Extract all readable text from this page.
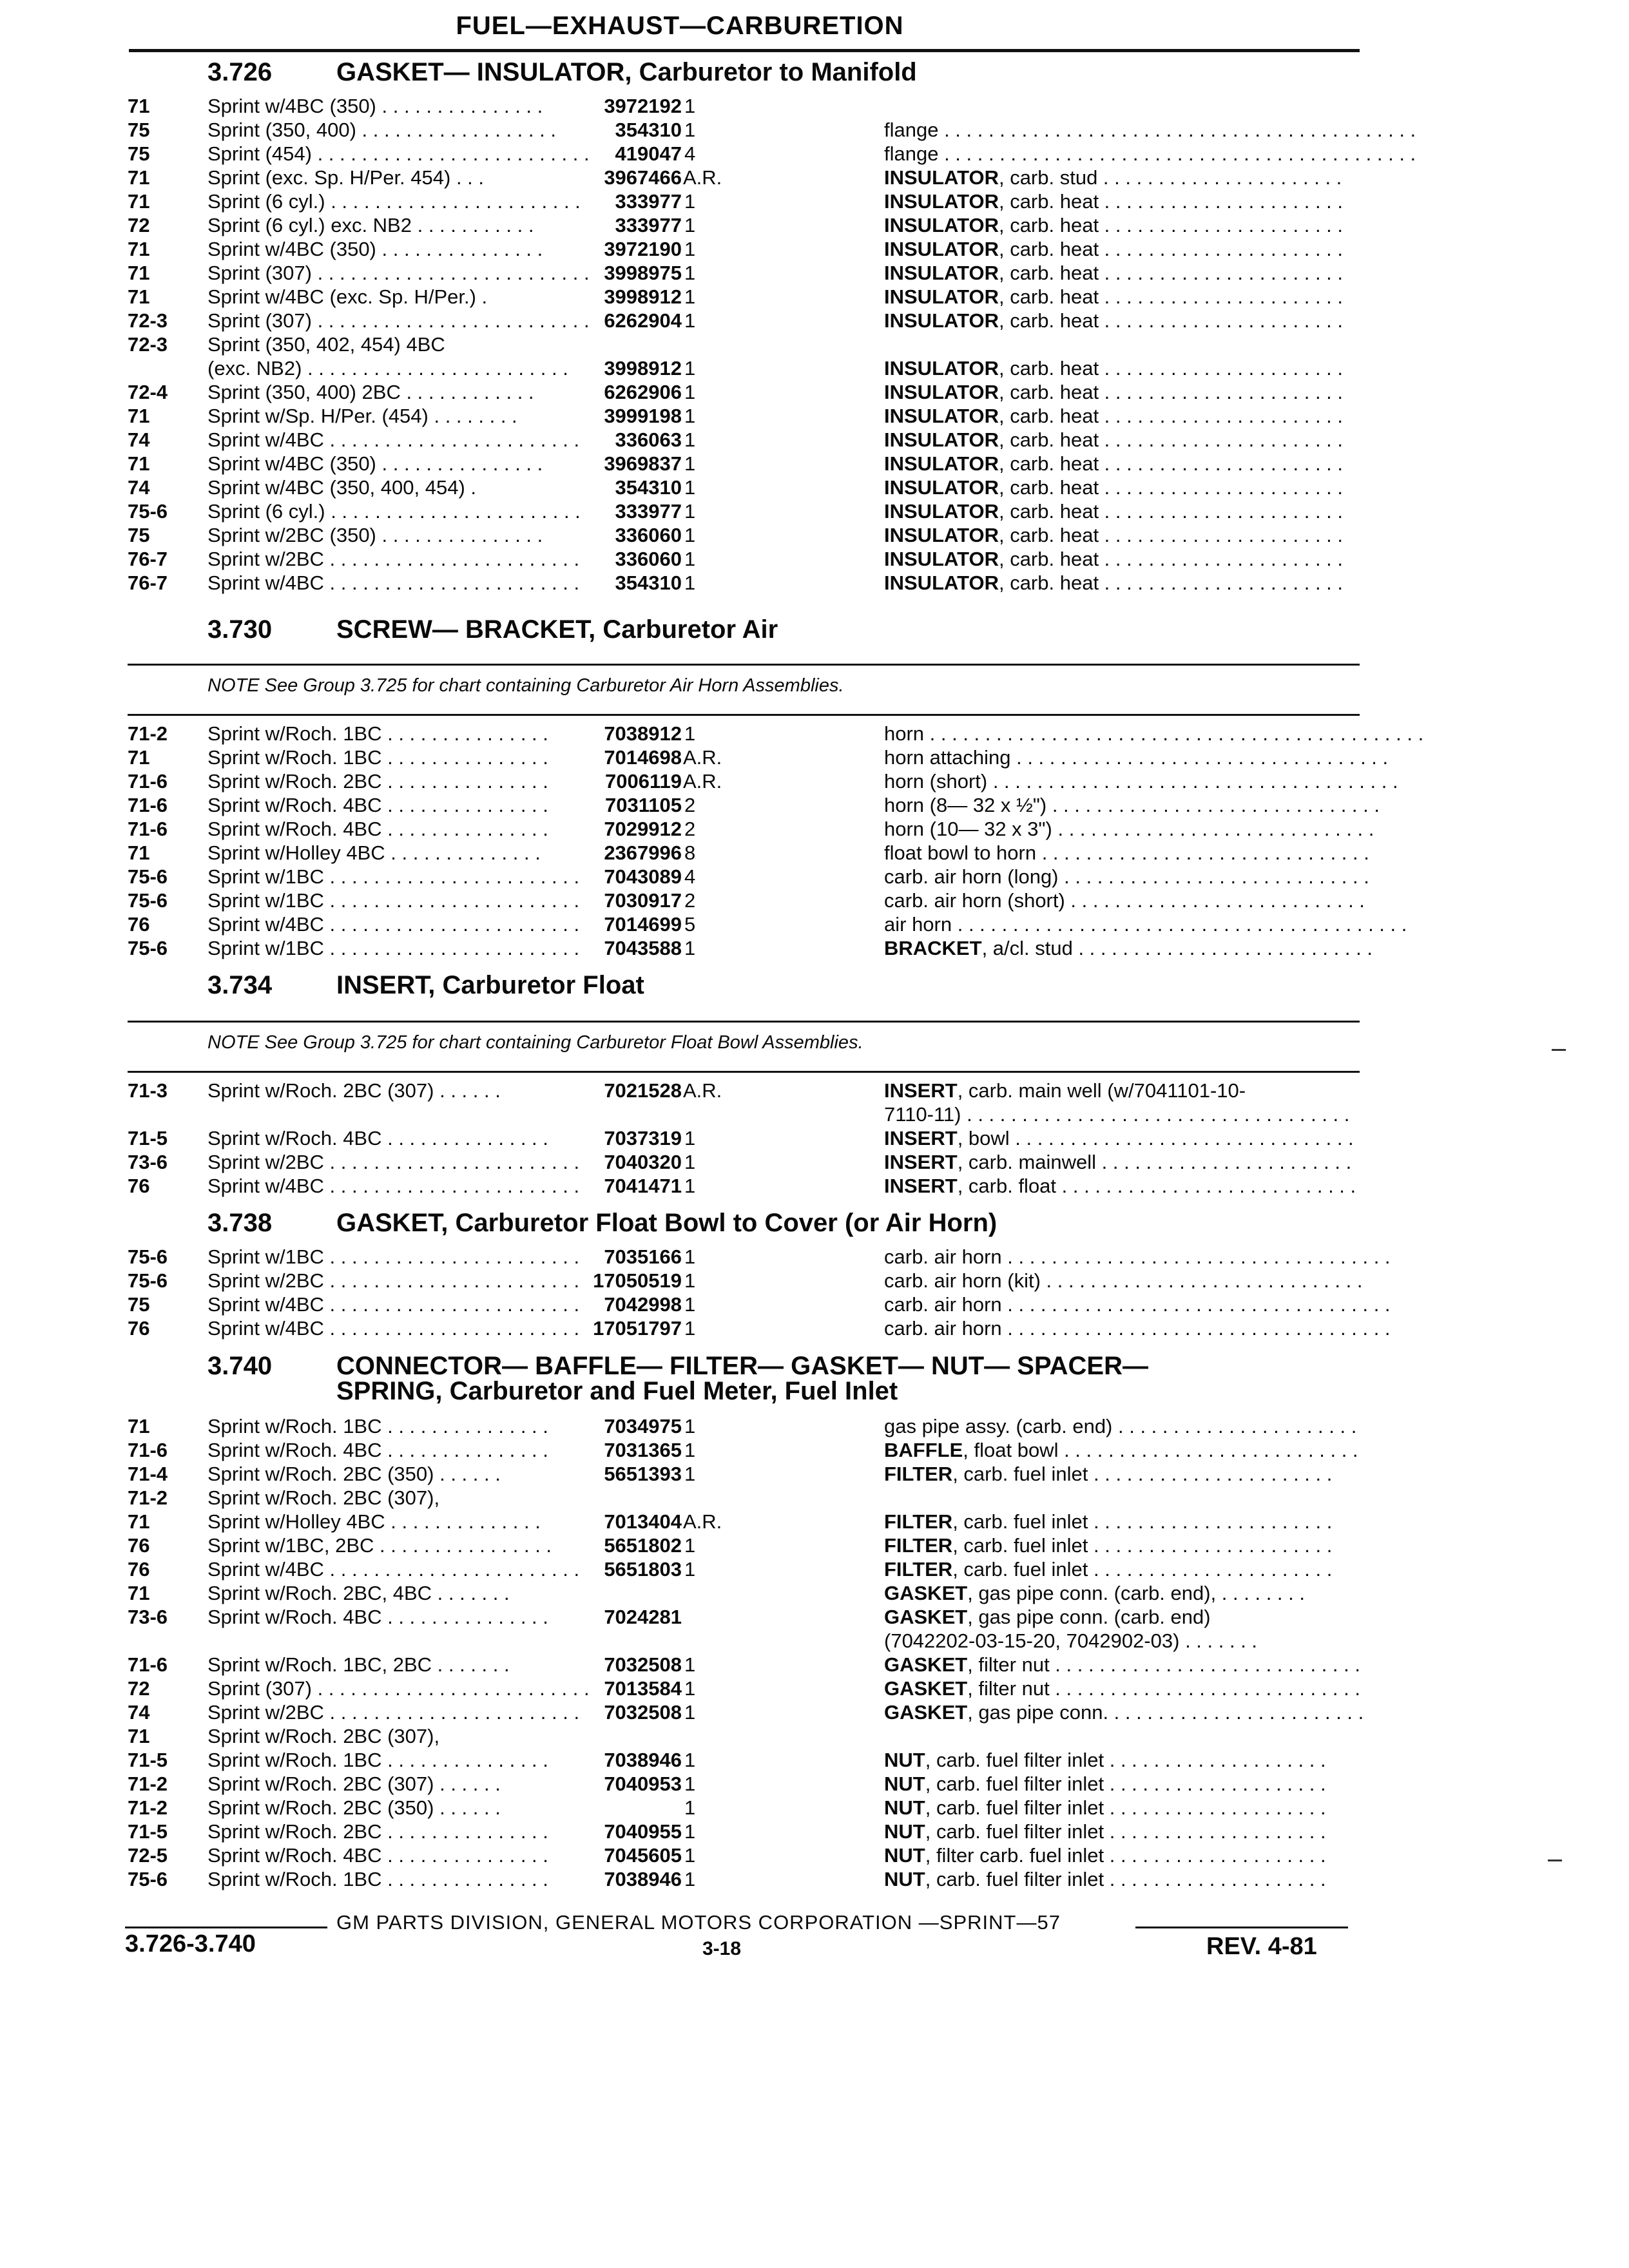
FUEL—EXHAUST—CARBURETION
3.726 GASKET— INSULATOR, Carburetor to Manifold
3.730 SCREW— BRACKET, Carburetor Air
NOTE See Group 3.725 for chart containing Carburetor Air Horn Assemblies.
3.734 INSERT, Carburetor Float
NOTE See Group 3.725 for chart containing Carburetor Float Bowl Assemblies.
3.738 GASKET, Carburetor Float Bowl to Cover (or Air Horn)
3.740 CONNECTOR— BAFFLE— FILTER— GASKET— NUT— SPACER—
SPRING, Carburetor and Fuel Meter, Fuel Inlet
71	Sprint w/4BC (350) . . . . . . . . . . . . . . .	3972192 1
75	Sprint (350, 400) . . . . . . . . . . . . . . . . . .	354310 1	flange . . . . . . . . . . . . . . . . . . . . . . . . . . . . . . . . . . . . . . . . . . .
75	Sprint (454) . . . . . . . . . . . . . . . . . . . . . . . . .	419047 4	flange . . . . . . . . . . . . . . . . . . . . . . . . . . . . . . . . . . . . . . . . . . .
71	Sprint (exc. Sp. H/Per. 454) . . .	3967466 A.R.	INSULATOR, carb. stud . . . . . . . . . . . . . . . . . . . . . .
71	Sprint (6 cyl.) . . . . . . . . . . . . . . . . . . . . . . .	333977 1	INSULATOR, carb. heat . . . . . . . . . . . . . . . . . . . . . .
72	Sprint (6 cyl.) exc. NB2 . . . . . . . . . . .	333977 1	INSULATOR, carb. heat . . . . . . . . . . . . . . . . . . . . . .
71	Sprint w/4BC (350) . . . . . . . . . . . . . . .	3972190 1	INSULATOR, carb. heat . . . . . . . . . . . . . . . . . . . . . .
71	Sprint (307) . . . . . . . . . . . . . . . . . . . . . . . . . 3998975 1	INSULATOR, carb. heat . . . . . . . . . . . . . . . . . . . . . .
71	Sprint w/4BC (exc. Sp. H/Per.) .	3998912 1	INSULATOR, carb. heat . . . . . . . . . . . . . . . . . . . . . .
72-3 Sprint (307) . . . . . . . . . . . . . . . . . . . . . . . . . 6262904 1	INSULATOR, carb. heat . . . . . . . . . . . . . . . . . . . . . .
72-3 Sprint (350, 402, 454) 4BC
(exc. NB2) . . . . . . . . . . . . . . . . . . . . . . . .	3998912 1	INSULATOR, carb. heat . . . . . . . . . . . . . . . . . . . . . .
72-4 Sprint (350, 400) 2BC . . . . . . . . . . . .	6262906 1	INSULATOR, carb. heat . . . . . . . . . . . . . . . . . . . . . .
71	Sprint w/Sp. H/Per. (454) . . . . . . . .	3999198 1	INSULATOR, carb. heat . . . . . . . . . . . . . . . . . . . . . .
74	Sprint w/4BC . . . . . . . . . . . . . . . . . . . . . . .	336063 1	INSULATOR, carb. heat . . . . . . . . . . . . . . . . . . . . . .
71	Sprint w/4BC (350) . . . . . . . . . . . . . . .	3969837 1	INSULATOR, carb. heat . . . . . . . . . . . . . . . . . . . . . .
74	Sprint w/4BC (350, 400, 454) .	354310 1	INSULATOR, carb. heat . . . . . . . . . . . . . . . . . . . . . .
75-6 Sprint (6 cyl.) . . . . . . . . . . . . . . . . . . . . . . .	333977 1	INSULATOR, carb. heat . . . . . . . . . . . . . . . . . . . . . .
75	Sprint w/2BC (350) . . . . . . . . . . . . . . .	336060 1	INSULATOR, carb. heat . . . . . . . . . . . . . . . . . . . . . .
76-7 Sprint w/2BC . . . . . . . . . . . . . . . . . . . . . . .	336060 1	INSULATOR, carb. heat . . . . . . . . . . . . . . . . . . . . . .
76-7 Sprint w/4BC . . . . . . . . . . . . . . . . . . . . . . .	354310 1	INSULATOR, carb. heat . . . . . . . . . . . . . . . . . . . . . .
71-2 Sprint w/Roch. 1BC . . . . . . . . . . . . . . .	7038912 1	horn . . . . . . . . . . . . . . . . . . . . . . . . . . . . . . . . . . . . . . . . . . . . .
71	Sprint w/Roch. 1BC . . . . . . . . . . . . . . .	7014698 A.R.	horn attaching . . . . . . . . . . . . . . . . . . . . . . . . . . . . . . . . . .
71-6 Sprint w/Roch. 2BC . . . . . . . . . . . . . . .	7006119 A.R.	horn (short) . . . . . . . . . . . . . . . . . . . . . . . . . . . . . . . . . . . . .
71-6 Sprint w/Roch. 4BC . . . . . . . . . . . . . . .	7031105 2	horn (8— 32 x ½") . . . . . . . . . . . . . . . . . . . . . . . . . . . . . .
71-6 Sprint w/Roch. 4BC . . . . . . . . . . . . . . .	7029912 2	horn (10— 32 x 3") . . . . . . . . . . . . . . . . . . . . . . . . . . . . .
71	Sprint w/Holley 4BC . . . . . . . . . . . . . .	2367996 8	float bowl to horn . . . . . . . . . . . . . . . . . . . . . . . . . . . . . .
75-6 Sprint w/1BC . . . . . . . . . . . . . . . . . . . . . . .	7043089 4	carb. air horn (long) . . . . . . . . . . . . . . . . . . . . . . . . . . . .
75-6 Sprint w/1BC . . . . . . . . . . . . . . . . . . . . . . .	7030917 2	carb. air horn (short) . . . . . . . . . . . . . . . . . . . . . . . . . . .
76	Sprint w/4BC . . . . . . . . . . . . . . . . . . . . . . .	7014699 5	air horn . . . . . . . . . . . . . . . . . . . . . . . . . . . . . . . . . . . . . . . . .
75-6 Sprint w/1BC . . . . . . . . . . . . . . . . . . . . . . .	7043588 1	BRACKET, a/cl. stud . . . . . . . . . . . . . . . . . . . . . . . . . . .
71-3 Sprint w/Roch. 2BC (307) . . . . . .	7021528 A.R.	INSERT, carb. main well (w/7041101-10-
7110-11) . . . . . . . . . . . . . . . . . . . . . . . . . . . . . . . . . . .
71-5 Sprint w/Roch. 4BC . . . . . . . . . . . . . . .	7037319 1	INSERT, bowl . . . . . . . . . . . . . . . . . . . . . . . . . . . . . . .
73-6 Sprint w/2BC . . . . . . . . . . . . . . . . . . . . . . .	7040320 1	INSERT, carb. mainwell . . . . . . . . . . . . . . . . . . . . . . .
76	Sprint w/4BC . . . . . . . . . . . . . . . . . . . . . . .	7041471 1	INSERT, carb. float . . . . . . . . . . . . . . . . . . . . . . . . . . .
75-6 Sprint w/1BC . . . . . . . . . . . . . . . . . . . . . . .	7035166 1	carb. air horn . . . . . . . . . . . . . . . . . . . . . . . . . . . . . . . . . . .
75-6 Sprint w/2BC . . . . . . . . . . . . . . . . . . . . . . . 17050519 1	carb. air horn (kit) . . . . . . . . . . . . . . . . . . . . . . . . . . . . .
75	Sprint w/4BC . . . . . . . . . . . . . . . . . . . . . . .	7042998 1	carb. air horn . . . . . . . . . . . . . . . . . . . . . . . . . . . . . . . . . . .
76	Sprint w/4BC . . . . . . . . . . . . . . . . . . . . . . . 17051797 1	carb. air horn . . . . . . . . . . . . . . . . . . . . . . . . . . . . . . . . . . .
71	Sprint w/Roch. 1BC . . . . . . . . . . . . . . .	7034975 1	gas pipe assy. (carb. end) . . . . . . . . . . . . . . . . . . . . . .
71-6 Sprint w/Roch. 4BC . . . . . . . . . . . . . . .	7031365 1	BAFFLE, float bowl . . . . . . . . . . . . . . . . . . . . . . . . . . .
71-4 Sprint w/Roch. 2BC (350) . . . . . .	5651393 1	FILTER, carb. fuel inlet . . . . . . . . . . . . . . . . . . . . . .
71-2 Sprint w/Roch. 2BC (307),
71	Sprint w/Holley 4BC . . . . . . . . . . . . . .	7013404 A.R.	FILTER, carb. fuel inlet . . . . . . . . . . . . . . . . . . . . . .
76	Sprint w/1BC, 2BC . . . . . . . . . . . . . . . .	5651802 1	FILTER, carb. fuel inlet . . . . . . . . . . . . . . . . . . . . . .
76	Sprint w/4BC . . . . . . . . . . . . . . . . . . . . . . .	5651803 1	FILTER, carb. fuel inlet . . . . . . . . . . . . . . . . . . . . . .
71	Sprint w/Roch. 2BC, 4BC . . . . . . .	GASKET, gas pipe conn. (carb. end), . . . . . . . .
73-6 Sprint w/Roch. 4BC . . . . . . . . . . . . . . .	7024281	GASKET, gas pipe conn. (carb. end)
(7042202-03-15-20, 7042902-03) . . . . . . .
71-6 Sprint w/Roch. 1BC, 2BC . . . . . . .	7032508 1	GASKET, filter nut . . . . . . . . . . . . . . . . . . . . . . . . . . . .
72	Sprint (307) . . . . . . . . . . . . . . . . . . . . . . . . . 7013584 1	GASKET, filter nut . . . . . . . . . . . . . . . . . . . . . . . . . . . .
74	Sprint w/2BC . . . . . . . . . . . . . . . . . . . . . . .	7032508 1	GASKET, gas pipe conn. . . . . . . . . . . . . . . . . . . . . . . .
71	Sprint w/Roch. 2BC (307),
71-5 Sprint w/Roch. 1BC . . . . . . . . . . . . . . .	7038946 1	NUT, carb. fuel filter inlet . . . . . . . . . . . . . . . . . . . .
71-2 Sprint w/Roch. 2BC (307) . . . . . .	7040953 1	NUT, carb. fuel filter inlet . . . . . . . . . . . . . . . . . . . .
71-2 Sprint w/Roch. 2BC (350) . . . . . .	1	NUT, carb. fuel filter inlet . . . . . . . . . . . . . . . . . . . .
71-5 Sprint w/Roch. 2BC . . . . . . . . . . . . . . .	7040955 1	NUT, carb. fuel filter inlet . . . . . . . . . . . . . . . . . . . .
72-5 Sprint w/Roch. 4BC . . . . . . . . . . . . . . .	7045605 1	NUT, filter carb. fuel inlet . . . . . . . . . . . . . . . . . . . .
75-6 Sprint w/Roch. 1BC . . . . . . . . . . . . . . .	7038946 1	NUT, carb. fuel filter inlet . . . . . . . . . . . . . . . . . . . .
GM PARTS DIVISION, GENERAL MOTORS CORPORATION —SPRINT—57
3.726-3.740	3-18	REV. 4-81
